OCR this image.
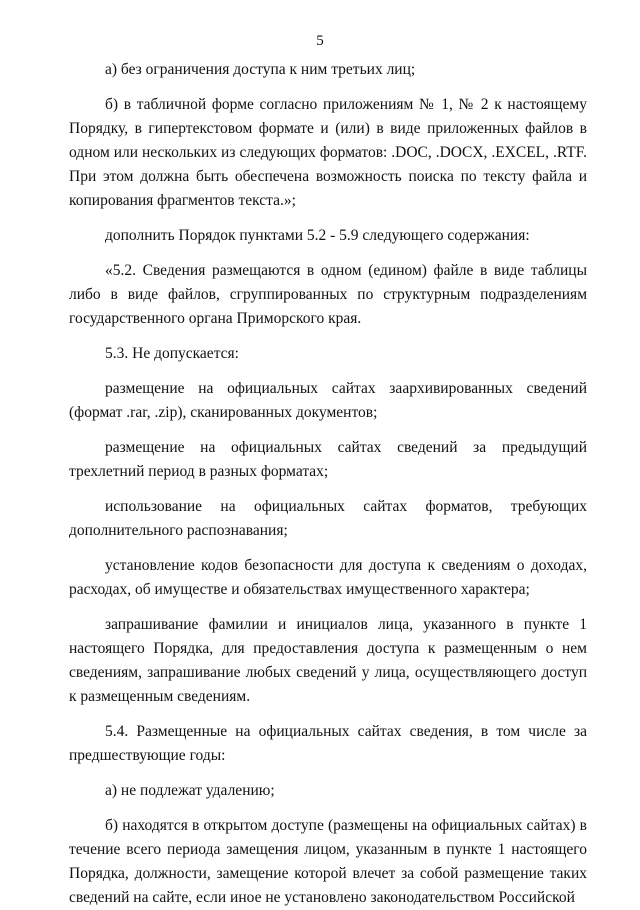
5

а) без ограничения доступа к ним третьих лиц;

б) в табличной форме согласно приложениям № 1, № 2 к настоящему Порядку, в гипертекстовом формате и (или) в виде приложенных файлов в одном или нескольких из следующих форматов: .DOC, .DOCX, .EXCEL, .RTF. При этом должна быть обеспечена возможность поиска по тексту файла и копирования фрагментов текста.»;

дополнить Порядок пунктами 5.2 - 5.9 следующего содержания:

«5.2. Сведения размещаются в одном (едином) файле в виде таблицы либо в виде файлов, сгруппированных по структурным подразделениям государственного органа Приморского края.

5.3. Не допускается:

размещение на официальных сайтах заархивированных сведений (формат .rar, .zip), сканированных документов;

размещение на официальных сайтах сведений за предыдущий трехлетний период в разных форматах;

использование на официальных сайтах форматов, требующих дополнительного распознавания;

установление кодов безопасности для доступа к сведениям о доходах, расходах, об имуществе и обязательствах имущественного характера;

запрашивание фамилии и инициалов лица, указанного в пункте 1 настоящего Порядка, для предоставления доступа к размещенным о нем сведениям, запрашивание любых сведений у лица, осуществляющего доступ к размещенным сведениям.

5.4. Размещенные на официальных сайтах сведения, в том числе за предшествующие годы:

а) не подлежат удалению;

б) находятся в открытом доступе (размещены на официальных сайтах) в течение всего периода замещения лицом, указанным в пункте 1 настоящего Порядка, должности, замещение которой влечет за собой размещение таких сведений на сайте, если иное не установлено законодательством Российской
